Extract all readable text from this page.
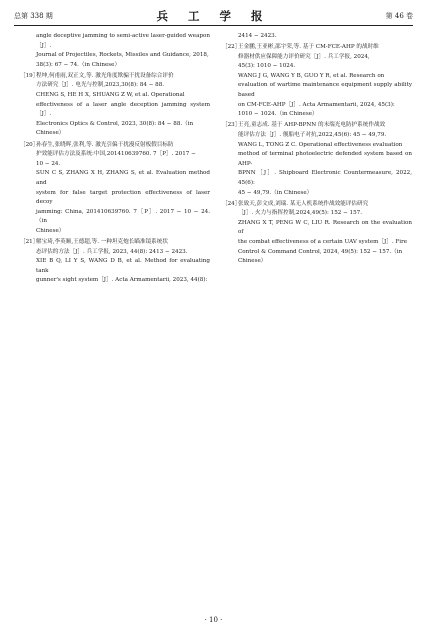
总第 338 期	兵 工 学 报	第 46 卷
angle deceptive jamming to semi-active laser-guided weapon［J］.
Journal of Projectiles, Rockets, Missiles and Guidance, 2018,
38(3): 67 − 74.（in Chinese）
［19］
程坤,何甫雨,双正文,等. 激光角度欺骗干扰设备综合评价
方法研究［J］. 电光与控制,2023,30(8): 84 − 88.
CHENG S, HE H X, SHUANG Z W, et al. Operational
effectiveness of a laser angle deception jamming system［J］.
Electronics Optics & Control, 2023, 30(8): 84 − 88.（in
Chinese）
［20］
孙春生,张晓晖,张利,等. 激光引偏干扰漫反射板假目标防
护效能评估方法及系统:中国,201410639760. 7［P］. 2017 −
10 − 24.
SUN C S, ZHANG X H, ZHANG S, et al. Evaluation method and
system for false target protection effectiveness of laser decoy
jamming: China, 201410639760. 7［P］. 2017 − 10 − 24.（in
Chinese）
［21］
解宝琦,李英顺,王德超,等. 一种坦克炮长瞄准镜系统状
态评估的方法［J］. 兵工学报, 2023, 44(8): 2413 − 2423.
XIE B Q, LI Y S, WANG D B, et al. Method for evaluating tank
gunner's sight system［J］. Acta Armamentarii, 2023, 44(8):
2414 − 2423.
［22］
王金鹏,王亚彬,邵宇荣,等. 基于 CM-FCE-AHP 的战时维
修器材供应保障能力评价研究［J］. 兵工学报, 2024,
45(3): 1010 − 1024.
WANG J G, WANG Y B, GUO Y R, et al. Research on
evaluation of wartime maintenance equipment supply ability based
on CM-FCE-AHP［J］. Acta Armamentarii, 2024, 45(3):
1010 − 1024.（in Chinese）
［23］
王亮,童志成. 基于 AHP-BPNN 的末端光电防护系统作战效
能评估方法［J］. 舰船电子对抗,2022,45(6): 45 − 49,79.
WANG L, TONG Z C. Operational effectiveness evaluation
method of terminal photoelectric defended system based on AHP-
BPNN［J］. Shipboard Electronic Countermeasure, 2022, 45(6):
45 − 49,79.（in Chinese）
［24］
张致天,彭文成,刘瑞. 某无人机系统作战效能评估研究
［J］. 火力与指挥控制,2024,49(5): 152 − 157.
ZHANG X T, PENG W C, LIU R. Research on the evaluation of
the combat effectiveness of a certain UAV system［J］. Fire
Control & Command Control, 2024, 49(5): 152 − 157.（in
Chinese）
· 10 ·
